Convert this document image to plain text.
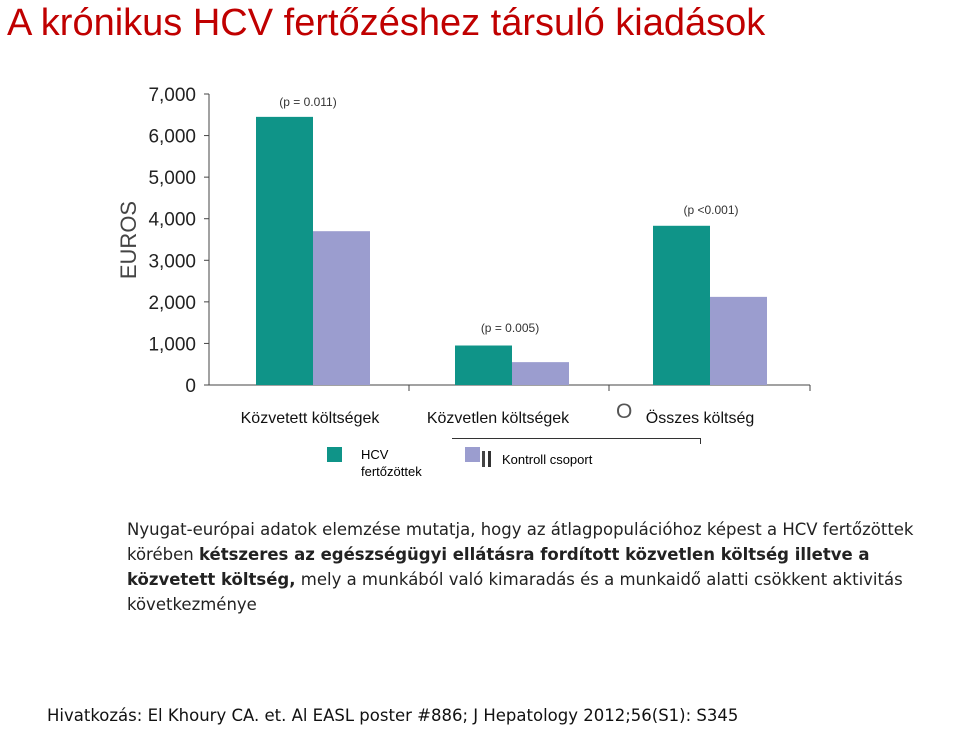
A krónikus HCV fertőzéshez társuló kiadások
0
1,000
2,000
3,000
4,000
5,000
6,000
7,000
EUROS
(p = 0.011)
Közvetett költségek
(p = 0.005)
Közvetlen költségek
(p <0.001)
Összes költség
O
HCV
fertőzöttek
Kontroll csoport

Nyugat-európai adatok elemzése mutatja, hogy az átlagpopulációhoz képest a HCV fertőzöttek körében kétszeres az egészségügyi ellátásra fordított közvetlen költség illetve a közvetett költség, mely a munkából való kimaradás és a munkaidő alatti csökkent aktivitás következménye

Hivatkozás: El Khoury CA. et. Al EASL poster #886; J Hepatology 2012;56(S1): S345
